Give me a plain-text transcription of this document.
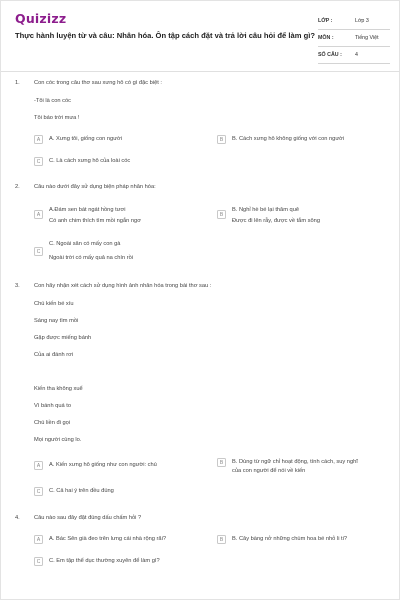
Quizizz
Thực hành luyện từ và câu: Nhân hóa. Ôn tập cách đặt và trả lời câu hỏi để làm gì?
LỚP :	Lớp 3
MÔN :	Tiếng Việt
SỐ CÂU :	4
1.	Con cóc trong câu thơ sau xưng hô có gì đặc biệt :
-Tôi là con cóc
Tôi báo trời mưa !
A	A. Xưng tôi, giống con người	B	B. Cách xưng hô không giống với con người
C	C. Là cách xưng hô của loài cóc
2.	Câu nào dưới đây sử dụng biện pháp nhân hóa:
A
A.Đám sen bát ngát hồng tươi
Có anh chim thích tìm mồi ngắn ngơ
B
B. Nghỉ hè bé lại thăm quê
Được đi lên rẫy, được về tắm sông
C
C. Ngoài sân có mấy con gà
Ngoài trời có mấy quả na chín rồi
3.	Con hãy nhận xét cách sử dụng hình ảnh nhân hóa trong bài thơ sau :
Chú kiến bé xíu
Sáng nay tìm mồi
Gặp được miếng bánh
Của ai đánh rơi
Kiến tha không xuể
Vì bánh quá to
Chú liền đi gọi
Mọi người cùng lo.
A	A. Kiến xưng hô giống như con người: chú	B	B. Dùng từ ngữ chỉ hoạt động, tính cách, suy nghĩ
của con người để nói về kiến
C	C. Cả hai ý trên đều đúng
4.	Câu nào sau đây đặt đúng dấu chấm hỏi ?
A	A. Bác Sên già đeo trên lưng cái nhà rộng rãi?	B	B. Cây bàng nở những chùm hoa bé nhỏ li ti?
C	C. Em tập thể dục thường xuyên để làm gì?
